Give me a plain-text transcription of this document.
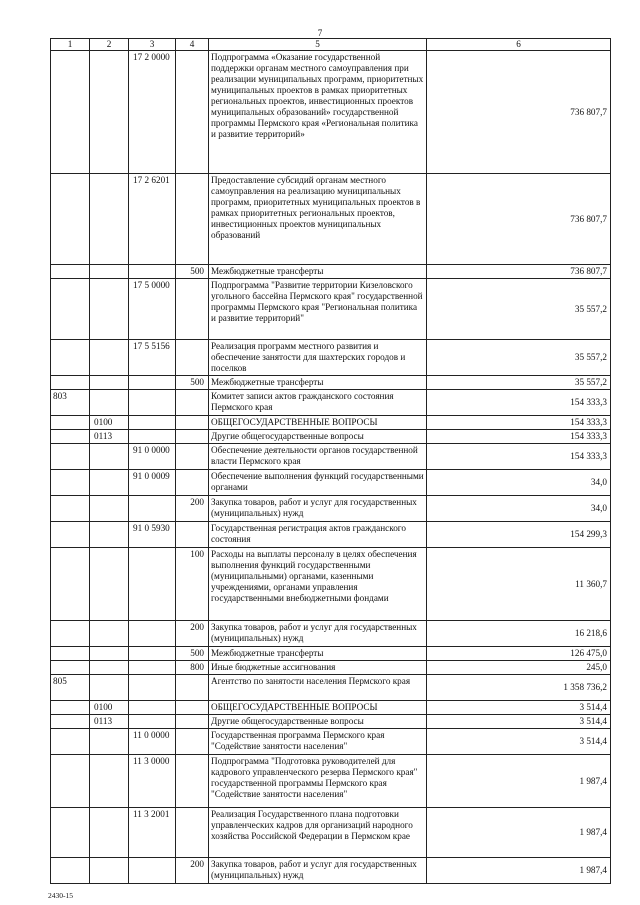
7
1	2	3	4	5	6
		17 2 0000		Подпрограмма «Оказание государственной поддержки органам местного самоуправления при реализации муниципальных программ, приоритетных муниципальных проектов в рамках приоритетных региональных проектов, инвестиционных проектов муниципальных образований» государственной программы Пермского края «Региональная политика и развитие территорий»	736 807,7
		17 2 6201		Предоставление субсидий органам местного самоуправления на реализацию муниципальных программ, приоритетных муниципальных проектов в рамках приоритетных региональных проектов, инвестиционных проектов муниципальных образований	736 807,7
			500	Межбюджетные трансферты	736 807,7
		17 5 0000		Подпрограмма "Развитие территории Кизеловского угольного бассейна Пермского края" государственной программы Пермского края "Региональная политика и развитие территорий"	35 557,2
		17 5 5156		Реализация программ местного развития и обеспечение занятости для шахтерских городов и поселков	35 557,2
			500	Межбюджетные трансферты	35 557,2
803				Комитет записи актов гражданского состояния Пермского края	154 333,3
	0100			ОБЩЕГОСУДАРСТВЕННЫЕ ВОПРОСЫ	154 333,3
	0113			Другие общегосударственные вопросы	154 333,3
		91 0 0000		Обеспечение деятельности органов государственной власти Пермского края	154 333,3
		91 0 0009		Обеспечение выполнения функций государственными органами	34,0
			200	Закупка товаров, работ и услуг для государственных (муниципальных) нужд	34,0
		91 0 5930		Государственная регистрация актов гражданского состояния	154 299,3
			100	Расходы на выплаты персоналу в целях обеспечения выполнения функций государственными (муниципальными) органами, казенными учреждениями, органами управления государственными внебюджетными фондами	11 360,7
			200	Закупка товаров, работ и услуг для государственных (муниципальных) нужд	16 218,6
			500	Межбюджетные трансферты	126 475,0
			800	Иные бюджетные ассигнования	245,0
805				Агентство по занятости населения Пермского края	1 358 736,2
	0100			ОБЩЕГОСУДАРСТВЕННЫЕ ВОПРОСЫ	3 514,4
	0113			Другие общегосударственные вопросы	3 514,4
		11 0 0000		Государственная программа Пермского края "Содействие занятости населения"	3 514,4
		11 3 0000		Подпрограмма "Подготовка руководителей для кадрового управленческого резерва Пермского края" государственной программы Пермского края "Содействие занятости населения"	1 987,4
		11 3 2001		Реализация Государственного плана подготовки управленческих кадров для организаций народного хозяйства Российской Федерации в Пермском крае	1 987,4
			200	Закупка товаров, работ и услуг для государственных (муниципальных) нужд	1 987,4
2430-15
